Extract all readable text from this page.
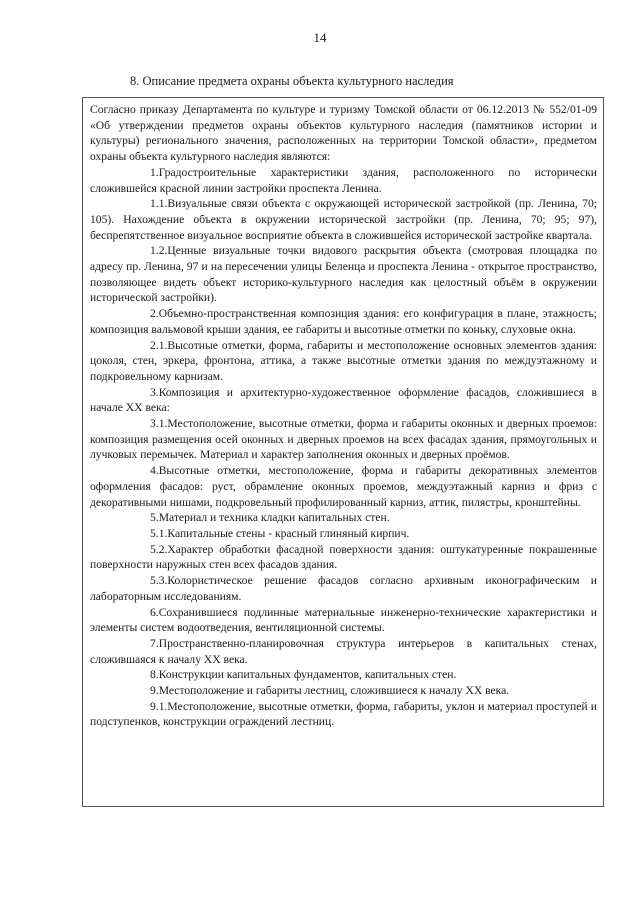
14
8. Описание предмета охраны объекта культурного наследия

Согласно приказу Департамента по культуре и туризму Томской области от 06.12.2013 № 552/01-09 «Об утверждении предметов охраны объектов культурного наследия (памятников истории и культуры) регионального значения, расположенных на территории Томской области», предметом охраны объекта культурного наследия являются:

1.Градостроительные характеристики здания, расположенного по исторически сложившейся красной линии застройки проспекта Ленина.

1.1.Визуальные связи объекта с окружающей исторической застройкой (пр. Ленина, 70; 105). Нахождение объекта в окружении исторической застройки (пр. Ленина, 70; 95; 97), беспрепятственное визуальное восприятие объекта в сложившейся исторической застройке квартала.

1.2.Ценные визуальные точки видового раскрытия объекта (смотровая площадка по адресу пр. Ленина, 97 и на пересечении улицы Беленца и проспекта Ленина - открытое пространство, позволяющее видеть объект историко-культурного наследия как целостный объём в окружении исторической застройки).

2.Объемно-пространственная композиция здания: его конфигурация в плане, этажность; композиция вальмовой крыши здания, ее габариты и высотные отметки по коньку, слуховые окна.

2.1.Высотные отметки, форма, габариты и местоположение основных элементов здания: цоколя, стен, эркера, фронтона, аттика, а также высотные отметки здания по междуэтажному и подкровельному карнизам.

3.Композиция и архитектурно-художественное оформление фасадов, сложившиеся в начале XX века:

3.1.Местоположение, высотные отметки, форма и габариты оконных и дверных проемов: композиция размещения осей оконных и дверных проемов на всех фасадах здания, прямоугольных и лучковых перемычек. Материал и характер заполнения оконных и дверных проёмов.

4.Высотные отметки, местоположение, форма и габариты декоративных элементов оформления фасадов: руст, обрамление оконных проемов, междуэтажный карниз и фриз с декоративными нишами, подкровельный профилированный карниз, аттик, пилястры, кронштейны.

5.Материал и техника кладки капитальных стен.

5.1.Капитальные стены - красный глиняный кирпич.

5.2.Характер обработки фасадной поверхности здания: оштукатуренные покрашенные поверхности наружных стен всех фасадов здания.

5.3.Колористическое решение фасадов согласно архивным иконографическим и лабораторным исследованиям.

6.Сохранившиеся подлинные материальные инженерно-технические характеристики и элементы систем водоотведения, вентиляционной системы.

7.Пространственно-планировочная структура интерьеров в капитальных стенах, сложившаяся к началу XX века.

8.Конструкции капитальных фундаментов, капитальных стен.

9.Местоположение и габариты лестниц, сложившиеся к началу XX века.

9.1.Местоположение, высотные отметки, форма, габариты, уклон и материал проступей и подступенков, конструкции ограждений лестниц.
